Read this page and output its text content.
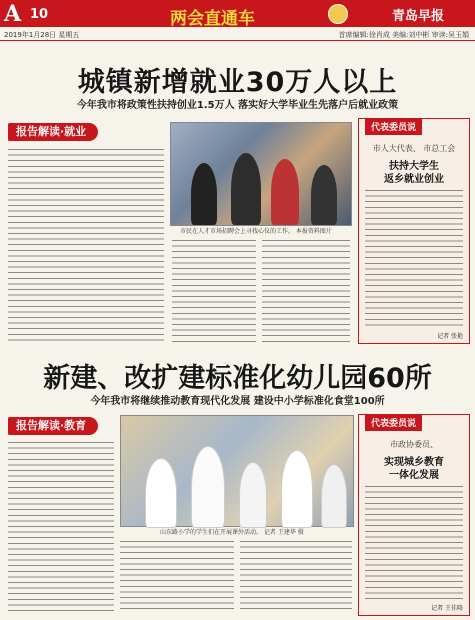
A 10	两会直通车	青岛早报
2019年1月28日 星期五	首席编辑:徐肖成 美编:刘中彬 审读:吴玉娟
城镇新增就业30万人以上
今年我市将政策性扶持创业1.5万人 落实好大学毕业生先落户后就业政策
报告解读·就业
市民在人才市场招聘会上寻找心仪的工作。 本报资料图片
代表委员说
市人大代表、 市总工会
扶持大学生
返乡就业创业
记者 张艳
新建、改扩建标准化幼儿园60所
今年我市将继续推动教育现代化发展 建设中小学标准化食堂100所
报告解读·教育
山东路小学的学生们在开展课外活动。 记者 王建华 摄
代表委员说
市政协委员、
实现城乡教育
一体化发展
记者 王佳隆
